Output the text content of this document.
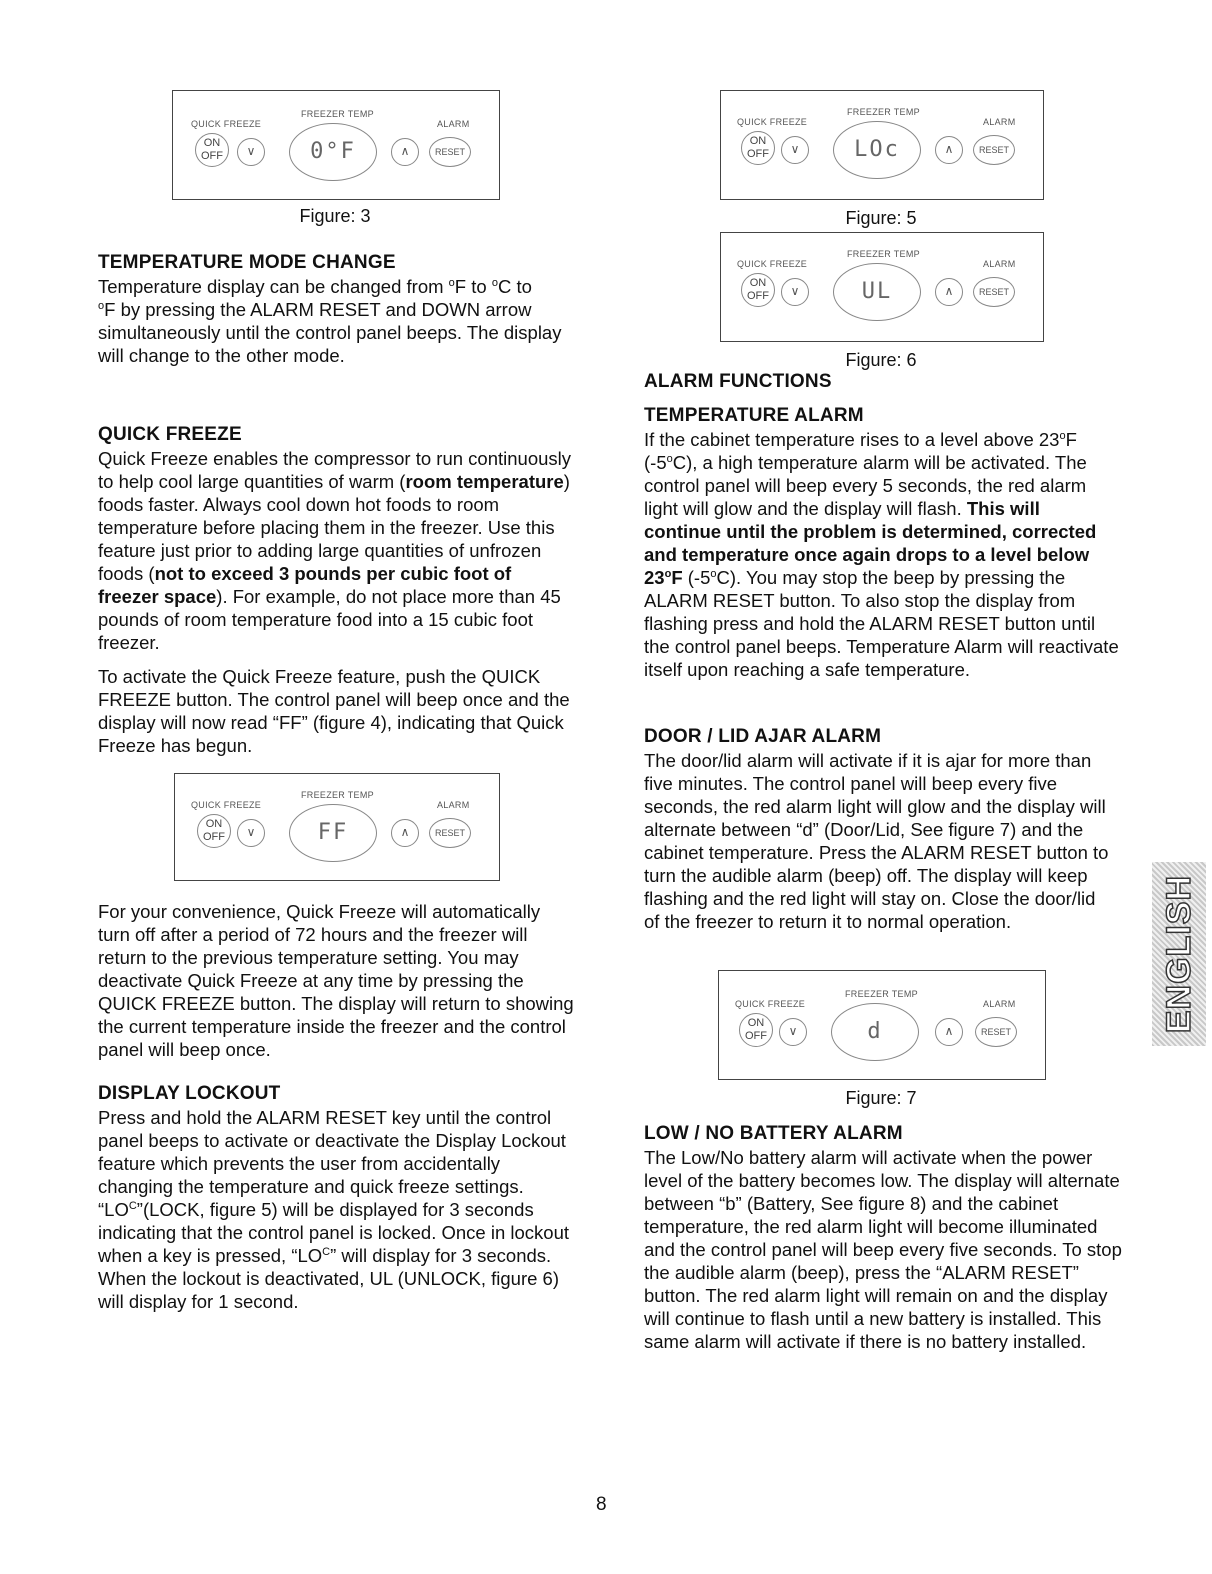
QUICK FREEZE
FREEZER TEMP
ALARM
ON
OFF	∨	0°F	∧	RESET
Figure: 3
TEMPERATURE MODE CHANGE

Temperature display can be changed from $^o$F to $^o$C to
$^o$F by pressing the ALARM RESET and DOWN arrow simultaneously until the control panel beeps. The display will change to the other mode.

QUICK FREEZE

Quick Freeze enables the compressor to run continuously to help cool large quantities of warm (room temperature) foods faster. Always cool down hot foods to room temperature before placing them in the freezer. Use this feature just prior to adding large quantities of unfrozen foods (not to exceed 3 pounds per cubic foot of freezer space). For example, do not place more than 45 pounds of room temperature food into a 15 cubic foot freezer.

To activate the Quick Freeze feature, push the QUICK FREEZE button. The control panel will beep once and the display will now read “FF” (figure 4), indicating that Quick Freeze has begun.

QUICK FREEZE
FREEZER TEMP
ALARM
ON
OFF	∨	FF	∧	RESET

For your convenience, Quick Freeze will automatically turn off after a period of 72 hours and the freezer will return to the previous temperature setting. You may deactivate Quick Freeze at any time by pressing the QUICK FREEZE button. The display will return to showing the current temperature inside the freezer and the control panel will beep once.

DISPLAY LOCKOUT

Press and hold the ALARM RESET key until the control panel beeps to activate or deactivate the Display Lockout feature which prevents the user from accidentally changing the temperature and quick freeze settings. “$LO^C”(LOCK$, figure 5) will be displayed for 3 seconds indicating that the control panel is locked. Once in lockout when a key is pressed, “$LO^C$” will display for 3 seconds. When the lockout is deactivated, UL (UNLOCK, figure 6) will display for 1 second.

QUICK FREEZE
FREEZER TEMP
ALARM
ON
OFF	∨	LOc	∧	RESET
Figure: 5
QUICK FREEZE
FREEZER TEMP
ALARM
ON
OFF	∨	UL	∧	RESET
Figure: 6
ALARM FUNCTIONS
TEMPERATURE ALARM

If the cabinet temperature rises to a level above 23$^o$F (-5$^o$C), a high temperature alarm will be activated. The control panel will beep every 5 seconds, the red alarm light will glow and the display will flash. This will continue until the problem is determined, corrected and temperature once again drops to a level below 23$^o$F (-5$^o$C). You may stop the beep by pressing the ALARM RESET button. To also stop the display from flashing press and hold the ALARM RESET button until the control panel beeps. Temperature Alarm will reactivate itself upon reaching a safe temperature.

DOOR / LID AJAR ALARM

The door/lid alarm will activate if it is ajar for more than five minutes. The control panel will beep every five seconds, the red alarm light will glow and the display will alternate between “d” (Door/Lid, See figure 7) and the cabinet temperature. Press the ALARM RESET button to turn the audible alarm (beep) off. The display will keep flashing and the red light will stay on. Close the door/lid of the freezer to return it to normal operation.

QUICK FREEZE
FREEZER TEMP
ALARM
ON
OFF	∨	d	∧	RESET
Figure: 7
LOW / NO BATTERY ALARM

The Low/No battery alarm will activate when the power level of the battery becomes low. The display will alternate between “b” (Battery, See figure 8) and the cabinet temperature, the red alarm light will become illuminated and the control panel will beep every five seconds. To stop the audible alarm (beep), press the “ALARM RESET” button. The red alarm light will remain on and the display will continue to flash until a new battery is installed. This same alarm will activate if there is no battery installed.

ENGLISH
8
